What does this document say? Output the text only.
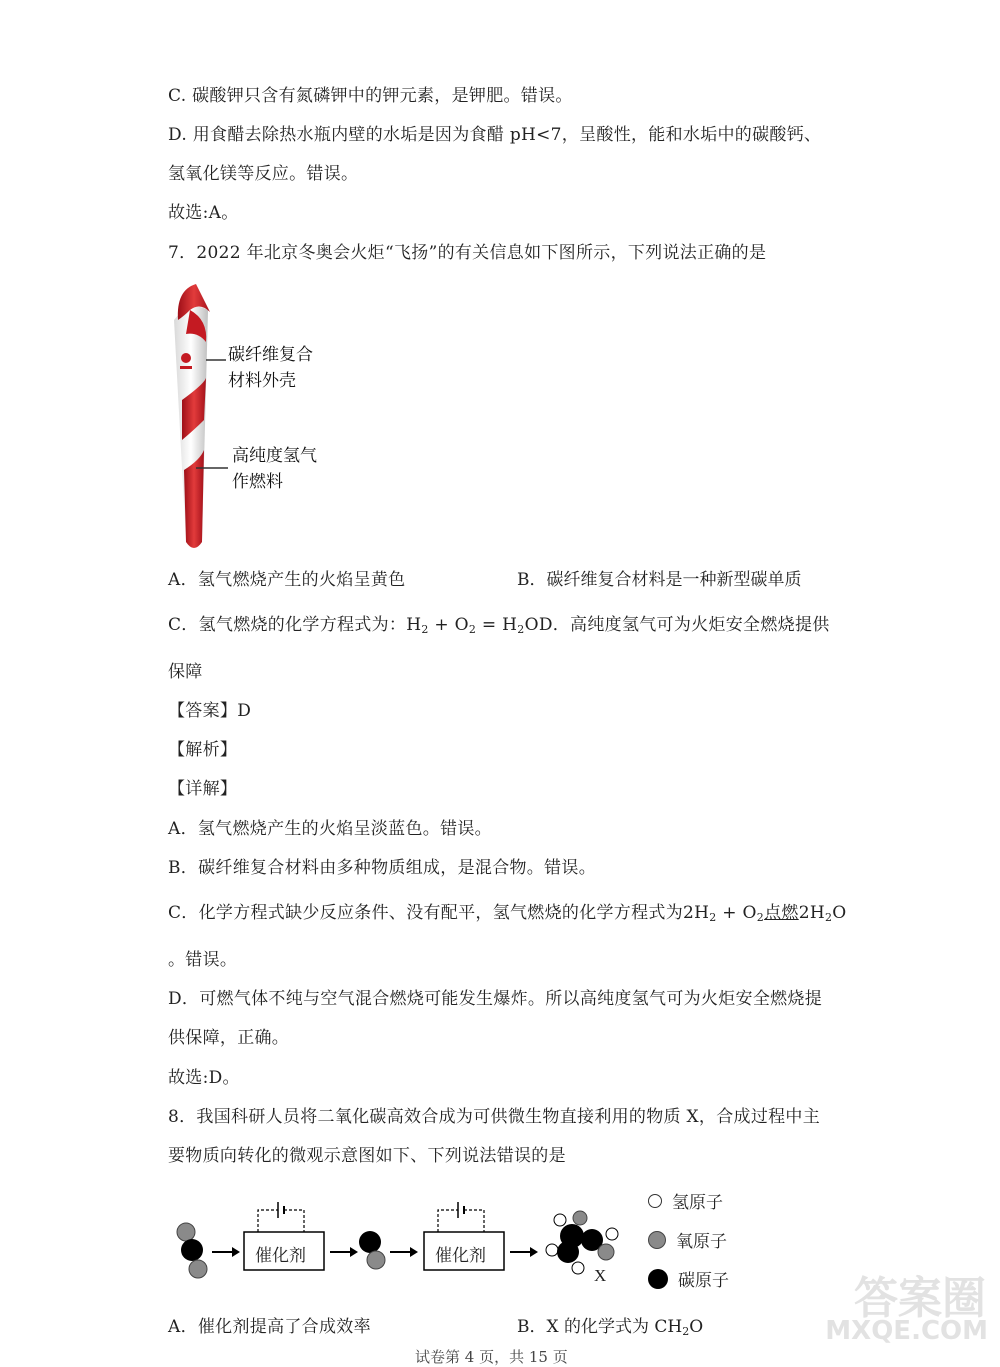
C. 碳酸钾只含有氮磷钾中的钾元素，是钾肥。错误。
D. 用食醋去除热水瓶内壁的水垢是因为食醋 pH<7，呈酸性，能和水垢中的碳酸钙、
氢氧化镁等反应。错误。
故选:A。
7．2022 年北京冬奥会火炬“飞扬”的有关信息如下图所示，下列说法正确的是
碳纤维复合
材料外壳
高纯度氢气
作燃料
A．氢气燃烧产生的火焰呈黄色	B．碳纤维复合材料是一种新型碳单质
C．氢气燃烧的化学方程式为：$H_2 + O_2 = H_2OD$．高纯度氢气可为火炬安全燃烧提供
保障
【答案】D
【解析】
【详解】
A．氢气燃烧产生的火焰呈淡蓝色。错误。
B．碳纤维复合材料由多种物质组成，是混合物。错误。
C．化学方程式缺少反应条件、没有配平，氢气燃烧的化学方程式为$2H_2 + O_2$点燃$2H_2O$
。错误。
D．可燃气体不纯与空气混合燃烧可能发生爆炸。所以高纯度氢气可为火炬安全燃烧提
供保障，正确。
故选:D。
8．我国科研人员将二氧化碳高效合成为可供微生物直接利用的物质 X，合成过程中主
要物质向转化的微观示意图如下、下列说法错误的是
X
氢原子
氧原子
碳原子
催化剂	催化剂
A．催化剂提高了合成效率	B．X 的化学式为 $CH_2O$
试卷第 4 页，共 15 页
答案圈
MXQE.COM
